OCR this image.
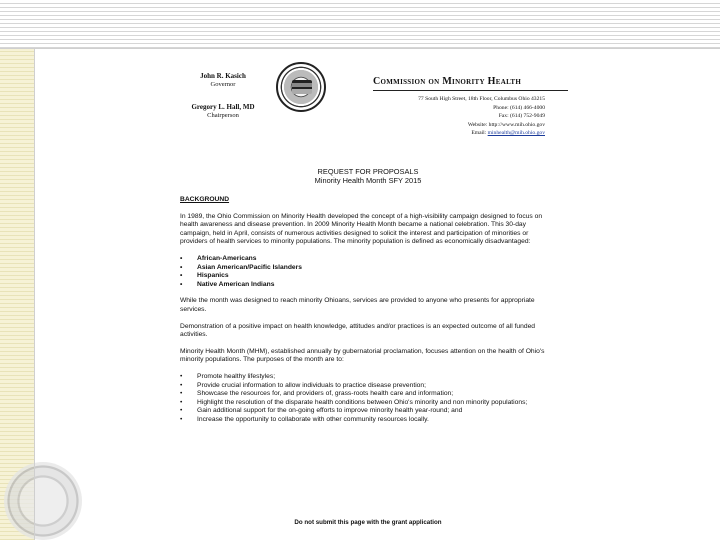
John R. Kasich
Governor
Gregory L. Hall, MD
Chairperson
Commission on Minority Health
77 South High Street, 18th Floor, Columbus Ohio 43215
Phone: (614) 466-4000
Fax: (614) 752-9049
Website: http://www.mih.ohio.gov
Email: minhealth@mih.ohio.gov
REQUEST FOR PROPOSALS
Minority Health Month SFY 2015
BACKGROUND

In 1989, the Ohio Commission on Minority Health developed the concept of a high-visibility campaign designed to focus on health awareness and disease prevention. In 2009 Minority Health Month became a national celebration. This 30-day campaign, held in April, consists of numerous activities designed to solicit the interest and participation of minorities or providers of health services to minority populations. The minority population is defined as economically disadvantaged:

• African-Americans
• Asian American/Pacific Islanders
• Hispanics
• Native American Indians

While the month was designed to reach minority Ohioans, services are provided to anyone who presents for appropriate services.

Demonstration of a positive impact on health knowledge, attitudes and/or practices is an expected outcome of all funded activities.

Minority Health Month (MHM), established annually by gubernatorial proclamation, focuses attention on the health of Ohio's minority populations. The purposes of the month are to:

• Promote healthy lifestyles;
• Provide crucial information to allow individuals to practice disease prevention;
• Showcase the resources for, and providers of, grass-roots health care and information;
• Highlight the resolution of the disparate health conditions between Ohio's minority and non minority populations;
• Gain additional support for the on-going efforts to improve minority health year-round; and
• Increase the opportunity to collaborate with other community resources locally.
Do not submit this page with the grant application
